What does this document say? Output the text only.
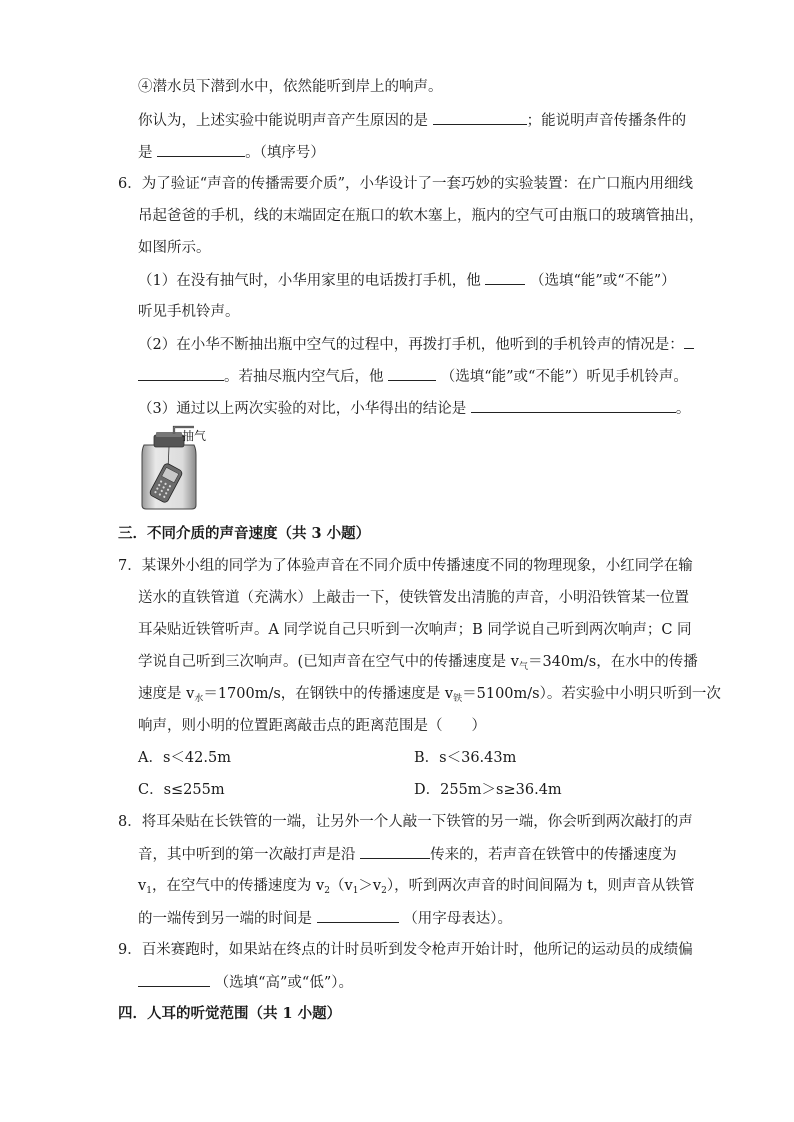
④潜水员下潜到水中，依然能听到岸上的响声。
你认为，上述实验中能说明声音产生原因的是	；能说明声音传播条件的
是	。（填序号）
6．为了验证“声音的传播需要介质”，小华设计了一套巧妙的实验装置：在广口瓶内用细线
吊起爸爸的手机，线的末端固定在瓶口的软木塞上，瓶内的空气可由瓶口的玻璃管抽出，
如图所示。
（1）在没有抽气时，小华用家里的电话拨打手机，他	（选填“能”或“不能”）
听见手机铃声。
（2）在小华不断抽出瓶中空气的过程中，再拨打手机，他听到的手机铃声的情况是：
。若抽尽瓶内空气后，他	（选填“能”或“不能”）听见手机铃声。
（3）通过以上两次实验的对比，小华得出的结论是	。
抽气
三．不同介质的声音速度（共 3 小题）
7．某课外小组的同学为了体验声音在不同介质中传播速度不同的物理现象，小红同学在输
送水的直铁管道（充满水）上敲击一下，使铁管发出清脆的声音，小明沿铁管某一位置
耳朵贴近铁管听声。A 同学说自己只听到一次响声；B 同学说自己听到两次响声；C 同
学说自己听到三次响声。(已知声音在空气中的传播速度是 $v_气=340m/s$，在水中的传播
速度是 $v_水=1700m/s$，在钢铁中的传播速度是 $v_铁=5100m/s$）。若实验中小明只听到一次
响声，则小明的位置距离敲击点的距离范围是（　　）
A．s＜42.5m	B．s＜36.43m
C．s≤255m	D．255m＞s≥36.4m
8．将耳朵贴在长铁管的一端，让另外一个人敲一下铁管的另一端，你会听到两次敲打的声
音，其中听到的第一次敲打声是沿	传来的，若声音在铁管中的传播速度为
$v_1$，在空气中的传播速度为 $v_2(v_1>v_2)$，听到两次声音的时间间隔为 t，则声音从铁管
的一端传到另一端的时间是	（用字母表达）。
9．百米赛跑时，如果站在终点的计时员听到发令枪声开始计时，他所记的运动员的成绩偏
（选填“高”或“低”）。
四．人耳的听觉范围（共 1 小题）
